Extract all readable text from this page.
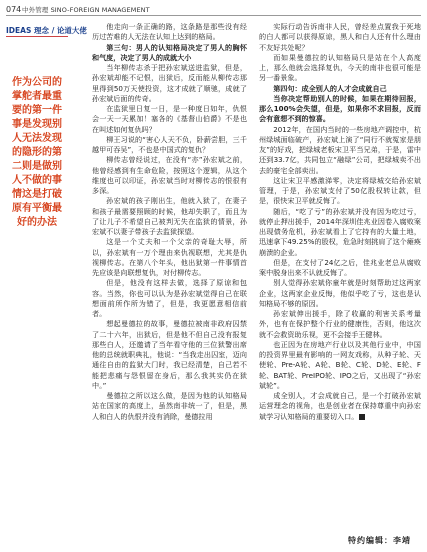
074 中外管理 SINO-FOREIGN MANAGEMENT
IDEAS 理念 / 论道大佬
作为公司的掌舵者最重要的第一件事是发现别人无法发现的隐形的第二则是做别人不做的事情这是打破原有平衡最好的办法

他走向一条正确的路，这条路是那些没有经历过苦难的人无法在认知上达到的格局。

第三句：男人的认知格局决定了男人的胸怀和气度，决定了男人的成就大小

当年柳传志杀于把孙宏斌送进监狱，但是，孙宏斌却能不记恨，出狱后，反而能从柳传志那里得到50万天使投资，这才成就了顺驰，成就了孙宏斌后面的传奇。

在监狱里日复一日，是一种度日如年，仇恨会一天一天累加！塞各的《基督山伯爵》不是也在叫述如何复仇吗？

柳王习说的“害心人天不负，卧薪尝胆，三千越甲可吞吴”，不也是中国式的复仇？

柳传志曾经说过，在没有“亦”孙宏斌之前，他曾经感到有生命危险，按照这个逻辑，从这个维度也可以印证，孙宏斌当时对柳传志的恨很有多深。

孙宏斌的孩子刚出生，他就入狱了，在妻子和孩子最需要照顾的时候，他却失职了，而且为了让儿子不希望自己被判无失在监狱的情景，孙宏斌不以妻子带孩子去监狱探望。

这是一个丈夫和一个父亲的奇耻大辱，所以，孙宏斌有一万个理由来仇视联想，尤其是仇视柳传志。在第八个年头，他出狱第一件事情首先应该是向联想复仇，对付柳传志。

但是，他没有这样去做，选择了原谅和包容。当然，你也可以认为是孙宏斌觉得自己在联想面前所作所为错了，但是，我更愿意相信前者。

想起曼德拉的故事，曼德拉被南非政府囚禁了二十六年，出狱后，但是他不但自己没有报复那些白人，还邀请了当年看守他的三位狱警出席他的总统就职典礼，他说：“当我走出囚室，迈向通往自由的监狱大门时，我已经清楚，自己若不能把悲痛与怨恨留在身后，那么我其实仍在狱中。”

曼德拉之所以这么做，是因为他的认知格局站在国家的高度上，虽然南非统一了，但是，黑人和白人的仇恨并没有消除，曼德拉用

实际行动告诉南非人民，曾经差点置我于死地的白人都可以获得原谅，黑人和白人还有什么理由不友好共处呢？

而如果曼德拉的认知格局只是站在个人高度上，那么他就会选择复仇，今天的南非也很可能是另一番景象。

第四句：成全别人的人才会成就自己

当你决定帮助别人的时候，如果在期待回报，那么100%会失望，但是，如果你不求回报，反而会有意想不到的惊喜。

2012年，在国内当时的一些房地产调控中，杭州绿城面临破产，孙宏斌上演了“同行不就冤家是朋友”的好戏，把绿城老板宋卫平当兄弟，于是，雷中还到33.7亿，共同包立“融绿”公司，把绿城卖不出去的豪宅全部卖出。

这让宋卫平感激涕零，决定将绿城交给孙宏斌管理，于是，孙宏斌支付了50亿股权转让款，但是，很快宋卫平就反悔了。

随后，“吃了亏”的孙宏斌并没有因为吃过亏，就停止押出援手，2014年深圳佳兆业因卷入腐败案出现债务危机，孙宏斌看上了它持有的大量土地，迅速拿下49.25%的股权，危急时刻挑肩了这个瘫痪崩溃的企业。

但是，在支付了24亿之后，佳兆业老总从腐败案中脱身出来不认就反悔了。

别人觉得孙宏斌你童年就是时刻帮助过这两家企业，这两家企业反悔，他似乎吃了亏，这也是认知格局不够的原因。

孙宏斌伸出援手，除了收赢的利害关系考量外，也有在保护整个行业的健康性，否则，他这次就不会救资助乐视，更不会接手王健林。

也正因为在房地产行业以及其他行业中，中国的投资界里最有影响的一网友戏称，从种子轮、天使轮、Pre-A轮、A轮、B轮、C轮、D轮、E轮、F轮、BAT轮、PreIPO轮、IPO之后，又出现了“孙宏斌轮”。

成全别人，才会成就自己，是一个打破孙宏斌运营理念的视角，也是创业者在保持尊重中向孙宏斌学习认知格局的重要切入口。

特约编辑：李靖
